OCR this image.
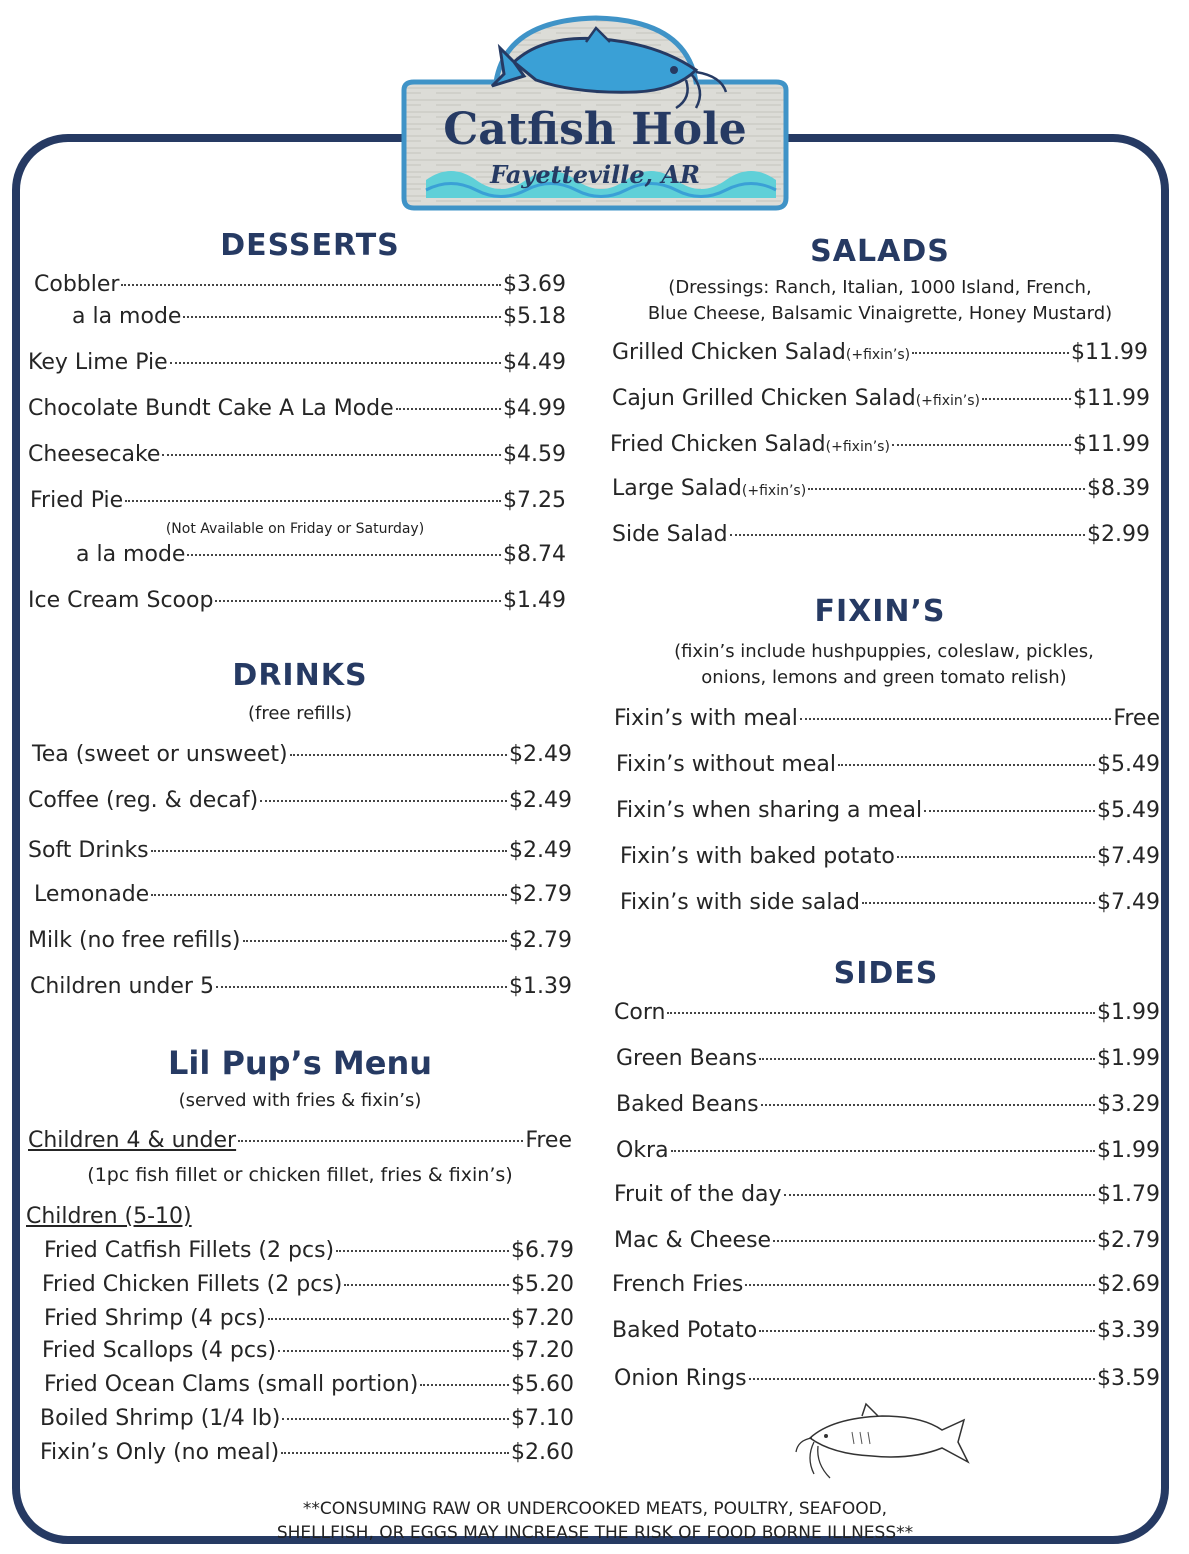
Catfish Hole
Fayetteville, AR
DESSERTS
Cobbler	$3.69
a la mode	$5.18
Key Lime Pie	$4.49
Chocolate Bundt Cake A La Mode	$4.99
Cheesecake	$4.59
Fried Pie	$7.25
(Not Available on Friday or Saturday)
a la mode	$8.74
Ice Cream Scoop	$1.49
DRINKS
(free refills)
Tea (sweet or unsweet)	$2.49
Coffee (reg. & decaf)	$2.49
Soft Drinks	$2.49
Lemonade	$2.79
Milk (no free refills)	$2.79
Children under 5	$1.39
Lil Pup’s Menu
(served with fries & fixin’s)
Children 4 & under	Free
(1pc fish fillet or chicken fillet, fries & fixin’s)
Children (5-10)
Fried Catfish Fillets (2 pcs)	$6.79
Fried Chicken Fillets (2 pcs)	$5.20
Fried Shrimp (4 pcs)	$7.20
Fried Scallops (4 pcs)	$7.20
Fried Ocean Clams (small portion)	$5.60
Boiled Shrimp (1/4 lb)	$7.10
Fixin’s Only (no meal)	$2.60
SALADS
(Dressings: Ranch, Italian, 1000 Island, French,
Blue Cheese, Balsamic Vinaigrette, Honey Mustard)
Grilled Chicken Salad (+fixin’s)	$11.99
Cajun Grilled Chicken Salad (+fixin’s)	$11.99
Fried Chicken Salad (+fixin’s)	$11.99
Large Salad (+fixin’s)	$8.39
Side Salad	$2.99
FIXIN’S
(fixin’s include hushpuppies, coleslaw, pickles,
onions, lemons and green tomato relish)
Fixin’s with meal	Free
Fixin’s without meal	$5.49
Fixin’s when sharing a meal	$5.49
Fixin’s with baked potato	$7.49
Fixin’s with side salad	$7.49
SIDES
Corn	$1.99
Green Beans	$1.99
Baked Beans	$3.29
Okra	$1.99
Fruit of the day	$1.79
Mac & Cheese	$2.79
French Fries	$2.69
Baked Potato	$3.39
Onion Rings	$3.59
**CONSUMING RAW OR UNDERCOOKED MEATS, POULTRY, SEAFOOD,
SHELLFISH, OR EGGS MAY INCREASE THE RISK OF FOOD BORNE ILLNESS**
